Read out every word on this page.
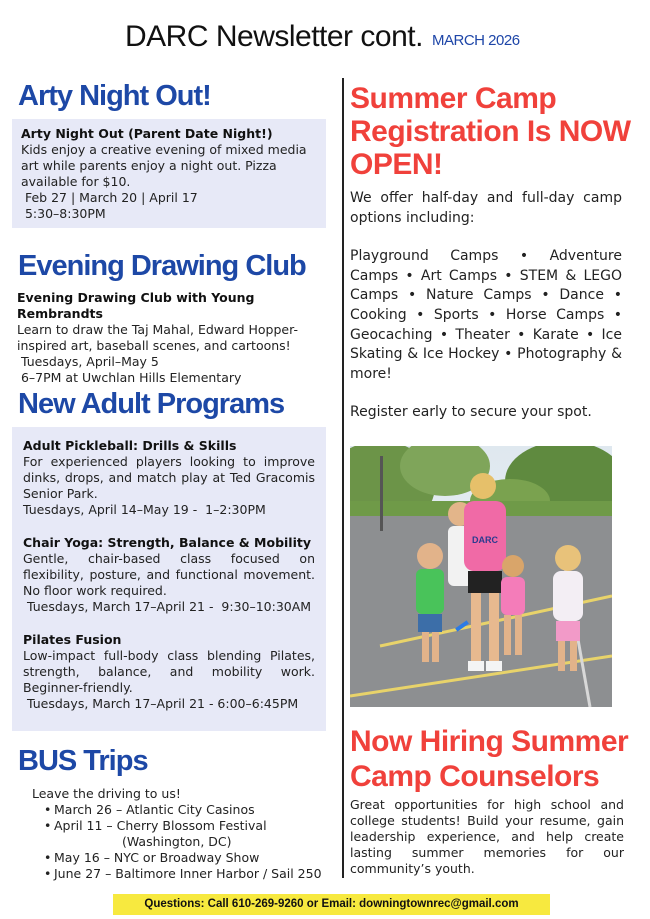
DARC Newsletter cont. MARCH 2026
Arty Night Out!
Arty Night Out (Parent Date Night!)
Kids enjoy a creative evening of mixed media art while parents enjoy a night out. Pizza available for $10.
Feb 27 | March 20 | April 17
5:30–8:30PM
Evening Drawing Club
Evening Drawing Club with Young Rembrandts
Learn to draw the Taj Mahal, Edward Hopper-inspired art, baseball scenes, and cartoons!
Tuesdays, April–May 5
6–7PM at Uwchlan Hills Elementary
New Adult Programs
Adult Pickleball: Drills & Skills
For experienced players looking to improve dinks, drops, and match play at Ted Gracomis Senior Park.
Tuesdays, April 14–May 19 -  1–2:30PM
Chair Yoga: Strength, Balance & Mobility
Gentle, chair-based class focused on flexibility, posture, and functional movement. No floor work required.
Tuesdays, March 17–April 21 -  9:30–10:30AM
Pilates Fusion
Low-impact full-body class blending Pilates, strength, balance, and mobility work. Beginner-friendly.
Tuesdays, March 17–April 21 - 6:00–6:45PM
BUS Trips
Leave the driving to us!
• March 26 – Atlantic City Casinos
• April 11 – Cherry Blossom Festival
(Washington, DC)
• May 16 – NYC or Broadway Show
• June 27 – Baltimore Inner Harbor / Sail 250
Summer Camp Registration Is NOW OPEN!
We offer half-day and full-day camp options including:
Playground Camps • Adventure Camps • Art Camps • STEM & LEGO Camps • Nature Camps • Dance • Cooking • Sports • Horse Camps • Geocaching • Theater • Karate • Ice Skating & Ice Hockey • Photography & more!
Register early to secure your spot.
DARC
Now Hiring Summer Camp Counselors
Great opportunities for high school and college students! Build your resume, gain leadership experience, and help create lasting summer memories for our community’s youth.
Questions: Call 610-269-9260 or Email: downingtownrec@gmail.com
